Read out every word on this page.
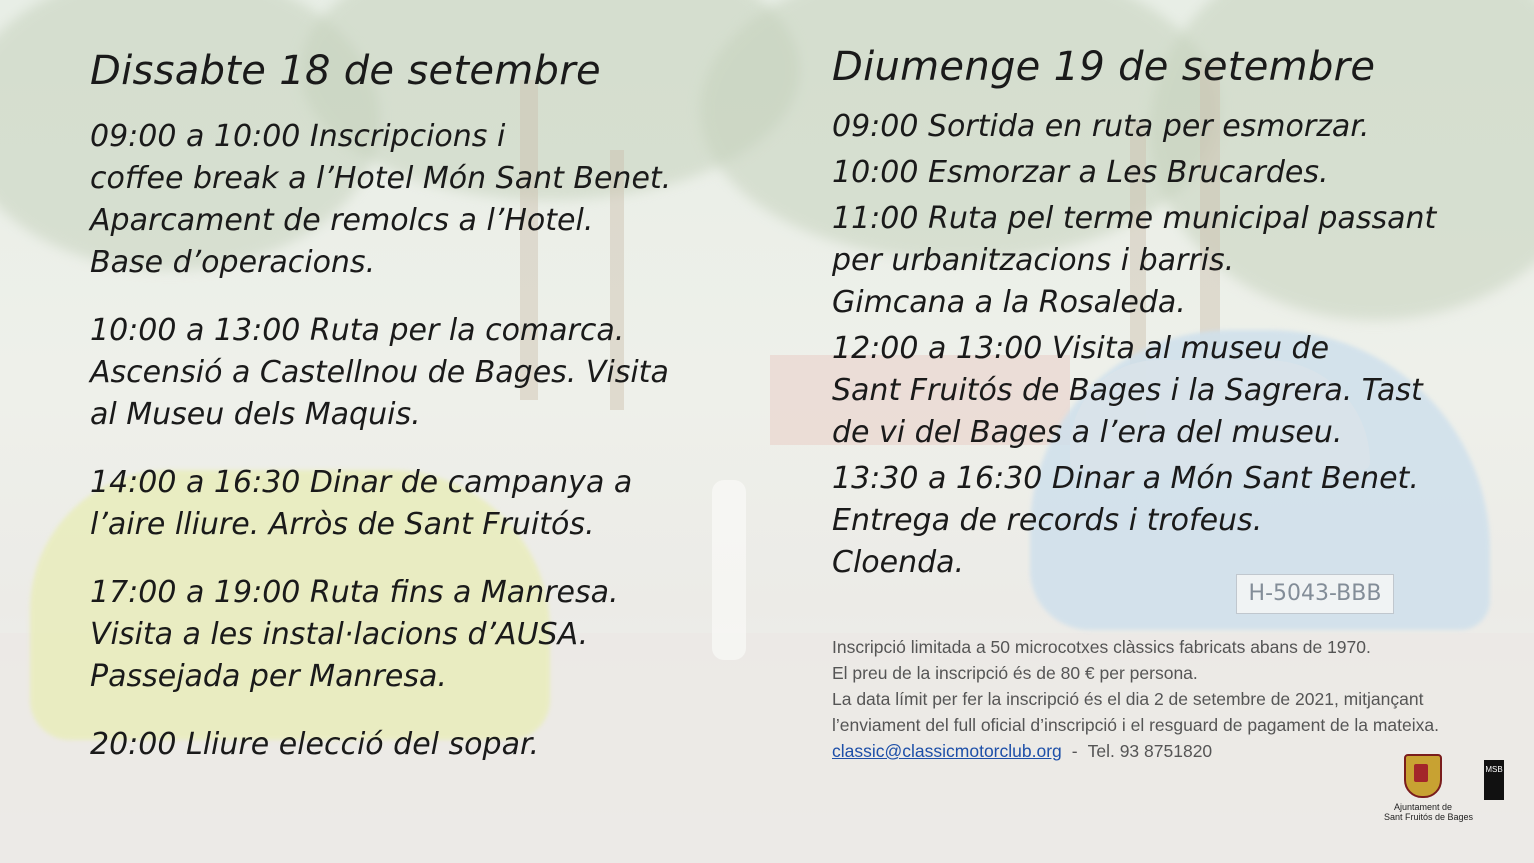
H-5043-BBB
Dissabte 18 de setembre
09:00 a 10:00 Inscripcions i
coffee break a l’Hotel Món Sant Benet.
Aparcament de remolcs a l’Hotel.
Base d’operacions.
10:00 a 13:00 Ruta per la comarca.
Ascensió a Castellnou de Bages. Visita
al Museu dels Maquis.
14:00 a 16:30 Dinar de campanya a
l’aire lliure. Arròs de Sant Fruitós.
17:00 a 19:00 Ruta fins a Manresa.
Visita a les instal·lacions d’AUSA.
Passejada per Manresa.
20:00 Lliure elecció del sopar.
Diumenge 19 de setembre
09:00 Sortida en ruta per esmorzar.
10:00 Esmorzar a Les Brucardes.
11:00 Ruta pel terme municipal passant
per urbanitzacions i barris.
Gimcana a la Rosaleda.
12:00 a 13:00 Visita al museu de
Sant Fruitós de Bages i la Sagrera. Tast
de vi del Bages a l’era del museu.
13:30 a 16:30 Dinar a Món Sant Benet.
Entrega de records i trofeus.
Cloenda.
Inscripció limitada a 50 microcotxes clàssics fabricats abans de 1970.
El preu de la inscripció és de 80 € per persona.
La data límit per fer la inscripció és el dia 2 de setembre de 2021, mitjançant
l’enviament del full oficial d’inscripció i el resguard de pagament de la mateixa.
classic@classicmotorclub.org - Tel. 93 8751820
Ajuntament de
Sant Fruitós de Bages
MSB
